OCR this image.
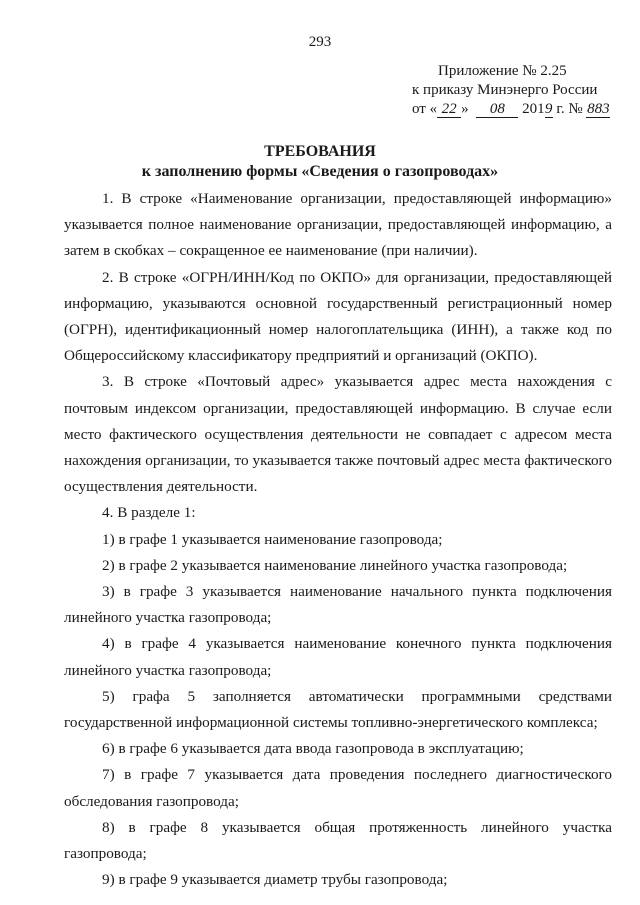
293
Приложение № 2.25
к приказу Минэнерго России
от « 22 » 08 2019 г. № 883
ТРЕБОВАНИЯ
к заполнению формы «Сведения о газопроводах»

1. В строке «Наименование организации, предоставляющей информацию» указывается полное наименование организации, предоставляющей информацию, а затем в скобках – сокращенное ее наименование (при наличии).

2. В строке «ОГРН/ИНН/Код по ОКПО» для организации, предоставляющей информацию, указываются основной государственный регистрационный номер (ОГРН), идентификационный номер налогоплательщика (ИНН), а также код по Общероссийскому классификатору предприятий и организаций (ОКПО).

3. В строке «Почтовый адрес» указывается адрес места нахождения с почтовым индексом организации, предоставляющей информацию. В случае если место фактического осуществления деятельности не совпадает с адресом места нахождения организации, то указывается также почтовый адрес места фактического осуществления деятельности.

4. В разделе 1:

1) в графе 1 указывается наименование газопровода;

2) в графе 2 указывается наименование линейного участка газопровода;

3) в графе 3 указывается наименование начального пункта подключения линейного участка газопровода;

4) в графе 4 указывается наименование конечного пункта подключения линейного участка газопровода;

5) графа 5 заполняется автоматически программными средствами государственной информационной системы топливно-энергетического комплекса;

6) в графе 6 указывается дата ввода газопровода в эксплуатацию;

7) в графе 7 указывается дата проведения последнего диагностического обследования газопровода;

8) в графе 8 указывается общая протяженность линейного участка газопровода;

9) в графе 9 указывается диаметр трубы газопровода;
